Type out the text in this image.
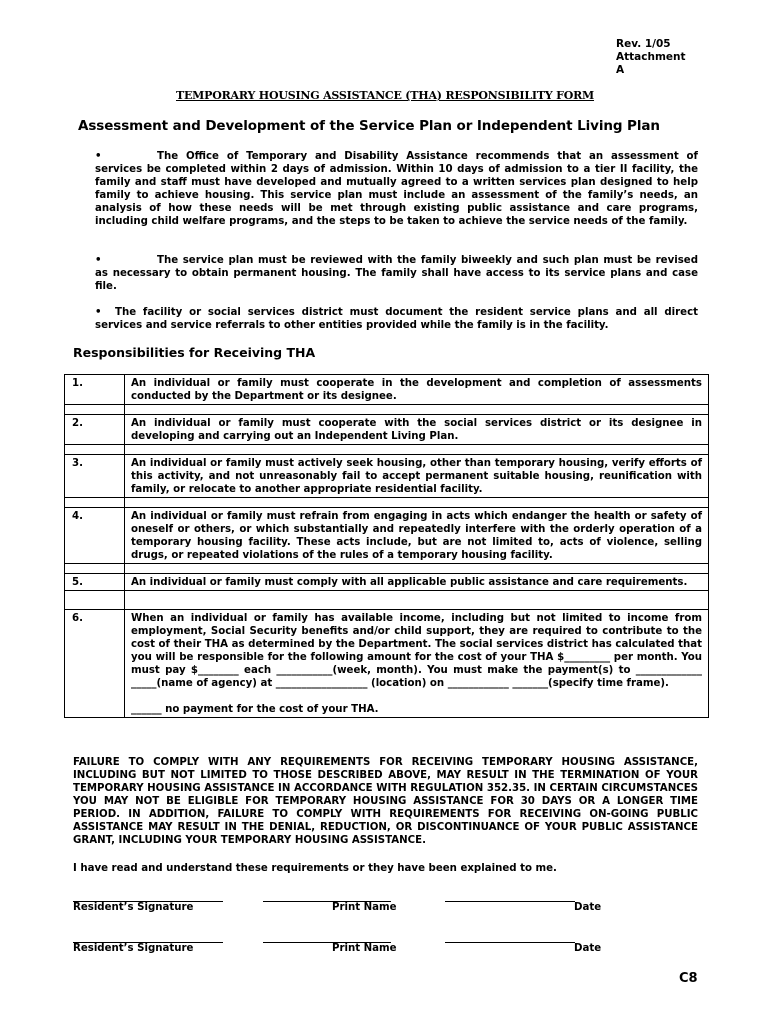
Rev. 1/05
Attachment
A
TEMPORARY HOUSING ASSISTANCE (THA) RESPONSIBILITY FORM
Assessment and Development of the Service Plan or Independent Living Plan
•	The Office of Temporary and Disability Assistance recommends that an assessment of services be completed within 2 days of admission. Within 10 days of admission to a tier II facility, the family and staff must have developed and mutually agreed to a written services plan designed to help family to achieve housing. This service plan must include an assessment of the family’s needs, an analysis of how these needs will be met through existing public assistance and care programs, including child welfare programs, and the steps to be taken to achieve the service needs of the family.
•	The service plan must be reviewed with the family biweekly and such plan must be revised as necessary to obtain permanent housing. The family shall have access to its service plans and case file.
• The facility or social services district must document the resident service plans and all direct services and service referrals to other entities provided while the family is in the facility.
Responsibilities for Receiving THA
1.	An individual or family must cooperate in the development and completion of assessments conducted by the Department or its designee.

2.	An individual or family must cooperate with the social services district or its designee in developing and carrying out an Independent Living Plan.

3.	An individual or family must actively seek housing, other than temporary housing, verify efforts of this activity, and not unreasonably fail to accept permanent suitable housing, reunification with family, or relocate to another appropriate residential facility.

4.	An individual or family must refrain from engaging in acts which endanger the health or safety of oneself or others, or which substantially and repeatedly interfere with the orderly operation of a temporary housing facility. These acts include, but are not limited to, acts of violence, selling drugs, or repeated violations of the rules of a temporary housing facility.

5.	An individual or family must comply with all applicable public assistance and care requirements.

6.	When an individual or family has available income, including but not limited to income from employment, Social Security benefits and/or child support, they are required to contribute to the cost of their THA as determined by the Department. The social services district has calculated that you will be responsible for the following amount for the cost of your THA $_________ per month. You must pay $________ each ___________(week, month). You must make the payment(s) to _____________ _____(name of agency) at __________________ (location) on ____________ _______(specify time frame).
______ no payment for the cost of your THA.
FAILURE TO COMPLY WITH ANY REQUIREMENTS FOR RECEIVING TEMPORARY HOUSING ASSISTANCE, INCLUDING BUT NOT LIMITED TO THOSE DESCRIBED ABOVE, MAY RESULT IN THE TERMINATION OF YOUR TEMPORARY HOUSING ASSISTANCE IN ACCORDANCE WITH REGULATION 352.35. IN CERTAIN CIRCUMSTANCES YOU MAY NOT BE ELIGIBLE FOR TEMPORARY HOUSING ASSISTANCE FOR 30 DAYS OR A LONGER TIME PERIOD. IN ADDITION, FAILURE TO COMPLY WITH REQUIREMENTS FOR RECEIVING ON-GOING PUBLIC ASSISTANCE MAY RESULT IN THE DENIAL, REDUCTION, OR DISCONTINUANCE OF YOUR PUBLIC ASSISTANCE GRANT, INCLUDING YOUR TEMPORARY HOUSING ASSISTANCE.
I have read and understand these requirements or they have been explained to me.
Resident’s Signature	Print Name	Date
Resident’s Signature	Print Name	Date
C8
